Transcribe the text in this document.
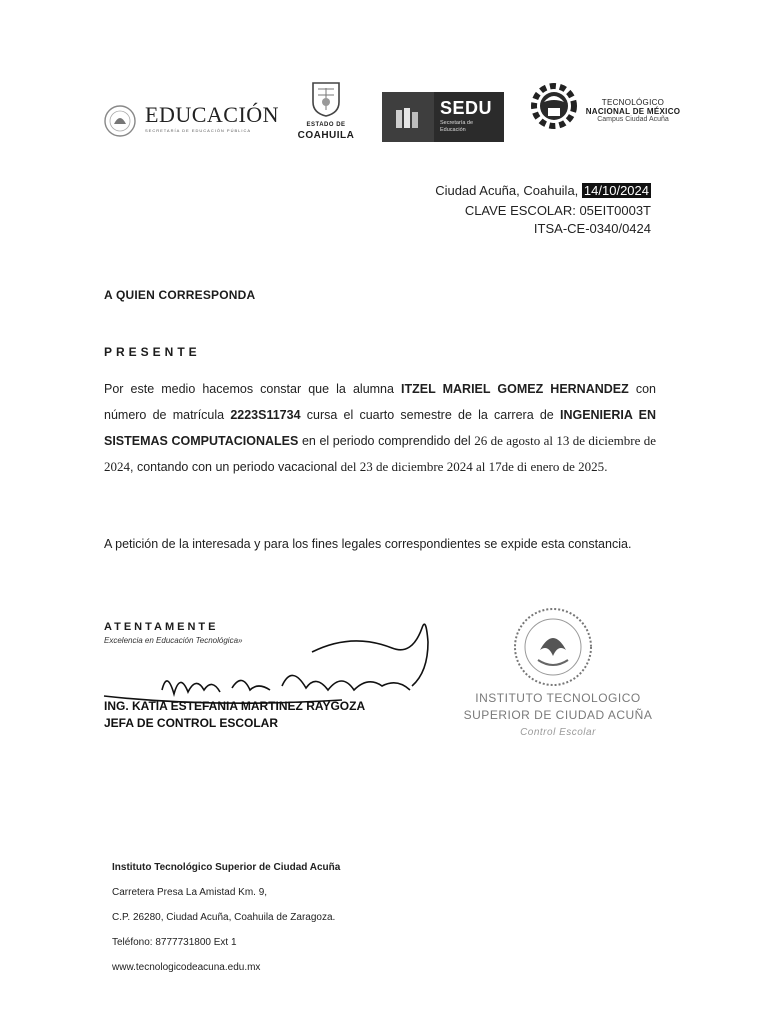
EDUCACIÓN
SECRETARÍA DE EDUCACIÓN PÚBLICA
ESTADO DE
COAHUILA
SEDU
Secretaría de
Educación
TECNOLÓGICO
NACIONAL DE MÉXICO
Campus Ciudad Acuña
Ciudad Acuña, Coahuila, 14/10/2024
CLAVE ESCOLAR: 05EIT0003T
ITSA-CE-0340/0424
A QUIEN CORRESPONDA
PRESENTE
Por este medio hacemos constar que la alumna ITZEL MARIEL GOMEZ HERNANDEZ con número de matrícula 2223S11734 cursa el cuarto semestre de la carrera de INGENIERIA EN SISTEMAS COMPUTACIONALES en el periodo comprendido del 26 de agosto al 13 de diciembre de 2024, contando con un periodo vacacional del 23 de diciembre 2024 al 17de di enero de 2025.
A petición de la interesada y para los fines legales correspondientes se expide esta constancia.
ATENTAMENTE
Excelencia en Educación Tecnológica»
ING. KATIA ESTEFANIA MARTINEZ RAYGOZA
JEFA DE CONTROL ESCOLAR
INSTITUTO TECNOLOGICO
SUPERIOR DE CIUDAD ACUÑA
Control Escolar
Instituto Tecnológico Superior de Ciudad Acuña
Carretera Presa La Amistad Km. 9,
C.P. 26280, Ciudad Acuña, Coahuila de Zaragoza.
Teléfono: 8777731800 Ext 1
www.tecnologicodeacuna.edu.mx
